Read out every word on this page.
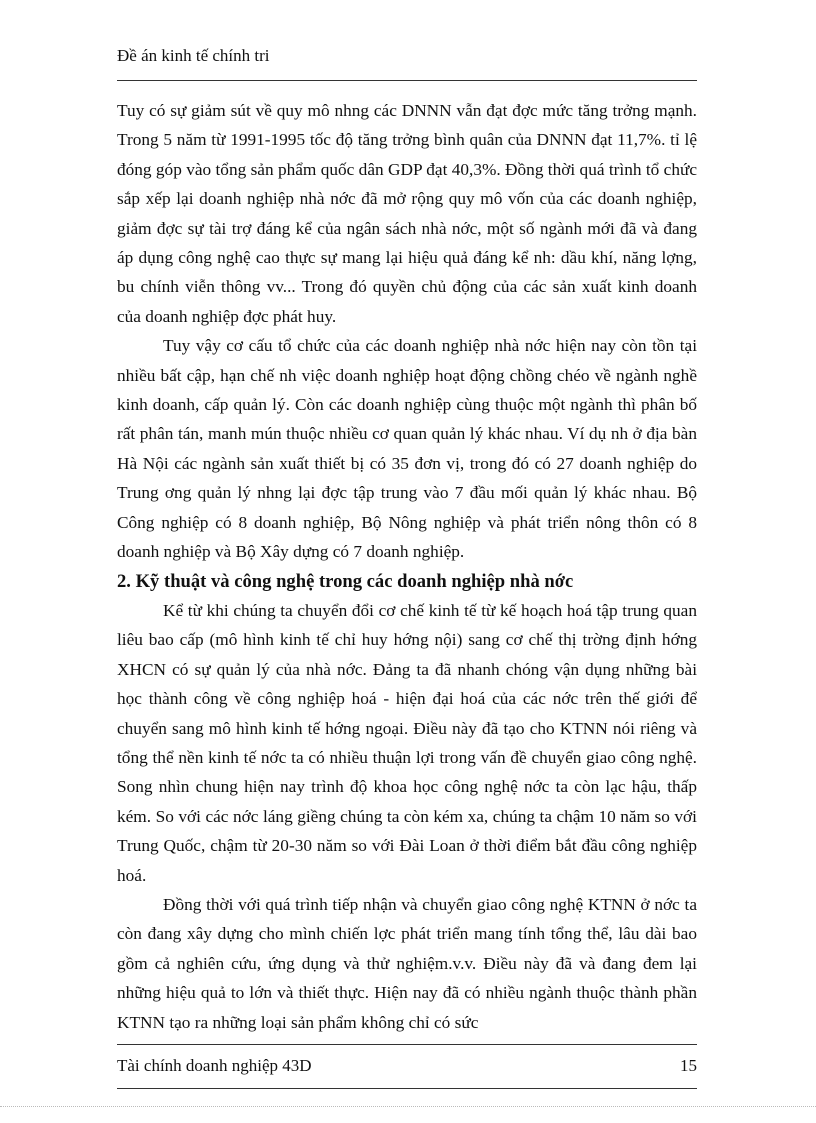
Đề án kinh tế chính tri

Tuy có sự giảm sút về quy mô nhng các DNNN vẫn đạt đợc mức tăng trởng mạnh. Trong 5 năm từ 1991-1995 tốc độ tăng trởng bình quân của DNNN đạt 11,7%. tỉ lệ đóng góp vào tổng sản phẩm quốc dân GDP đạt 40,3%. Đồng thời quá trình tổ chức sắp xếp lại doanh nghiệp nhà nớc đã mở rộng quy mô vốn của các doanh nghiệp, giảm đợc sự tài trợ đáng kể của ngân sách nhà nớc, một số ngành mới đã và đang áp dụng công nghệ cao thực sự mang lại hiệu quả đáng kể nh: dầu khí, năng lợng, bu chính viễn thông vv... Trong đó quyền chủ động của các sản xuất kinh doanh của doanh nghiệp đợc phát huy.

Tuy vậy cơ cấu tổ chức của các doanh nghiệp nhà nớc hiện nay còn tồn tại nhiều bất cập, hạn chế nh việc doanh nghiệp hoạt động chồng chéo về ngành nghề kinh doanh, cấp quản lý. Còn các doanh nghiệp cùng thuộc một ngành thì phân bố rất phân tán, manh mún thuộc nhiều cơ quan quản lý khác nhau. Ví dụ nh ở địa bàn Hà Nội các ngành sản xuất thiết bị có 35 đơn vị, trong đó có 27 doanh nghiệp do Trung ơng quản lý nhng lại đợc tập trung vào 7 đầu mối quản lý khác nhau. Bộ Công nghiệp có 8 doanh nghiệp, Bộ Nông nghiệp và phát triển nông thôn có 8 doanh nghiệp và Bộ Xây dựng có 7 doanh nghiệp.

2. Kỹ thuật và công nghệ trong các doanh nghiệp nhà nớc

Kể từ khi chúng ta chuyển đổi cơ chế kinh tế từ kế hoạch hoá tập trung quan liêu bao cấp (mô hình kinh tế chỉ huy hớng nội) sang cơ chế thị trờng định hớng XHCN có sự quản lý của nhà nớc. Đảng ta đã nhanh chóng vận dụng những bài học thành công về công nghiệp hoá - hiện đại hoá của các nớc trên thế giới để chuyển sang mô hình kinh tế hớng ngoại. Điều này đã tạo cho KTNN nói riêng và tổng thể nền kinh tế nớc ta có nhiều thuận lợi trong vấn đề chuyển giao công nghệ. Song nhìn chung hiện nay trình độ khoa học công nghệ nớc ta còn lạc hậu, thấp kém. So với các nớc láng giềng chúng ta còn kém xa, chúng ta chậm 10 năm so với Trung Quốc, chậm từ 20-30 năm so với Đài Loan ở thời điểm bắt đầu công nghiệp hoá.

Đồng thời với quá trình tiếp nhận và chuyển giao công nghệ KTNN ở nớc ta còn đang xây dựng cho mình chiến lợc phát triển mang tính tổng thể, lâu dài bao gồm cả nghiên cứu, ứng dụng và thử nghiệm.v.v. Điều này đã và đang đem lại những hiệu quả to lớn và thiết thực. Hiện nay đã có nhiều ngành thuộc thành phần KTNN tạo ra những loại sản phẩm không chỉ có sức

Tài chính doanh nghiệp 43D	15
